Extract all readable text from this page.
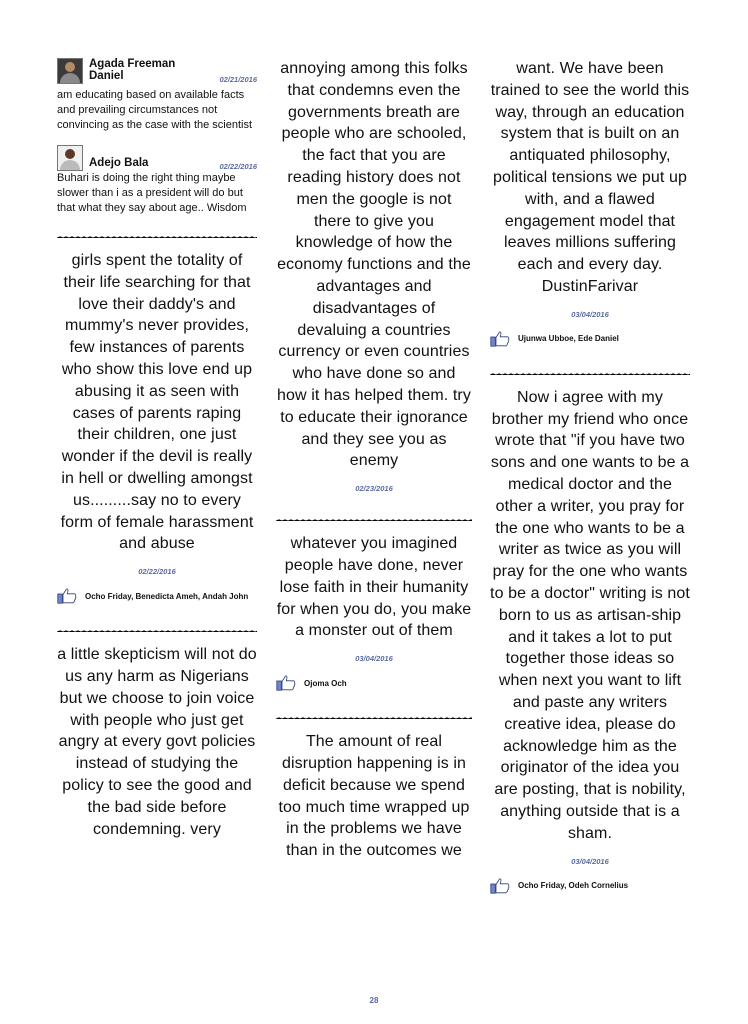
Agada Freeman Daniel	02/21/2016
am educating based on available facts and prevailing circumstances not convincing as the case with the scientist
Adejo Bala	02/22/2016
Buhari is doing the right thing maybe slower than i as a president will do but that what they say about age.. Wisdom
girls spent the totality of their life searching for that love their daddy's and mummy's never provides, few instances of parents who show this love end up abusing it as seen with cases of parents raping their children, one just wonder if the devil is really in hell or dwelling amongst us.........say no to every form of female harassment and abuse
02/22/2016
Ocho Friday, Benedicta Ameh, Andah John
a little skepticism will not do us any harm as Nigerians but we choose to join voice with people who just get angry at every govt policies instead of studying the policy to see the good and the bad side before condemning. very
annoying among this folks that condemns even the governments breath are people who are schooled, the fact that you are reading history does not men the google is not there to give you knowledge of how the economy functions and the advantages and disadvantages of devaluing a countries currency or even countries who have done so and how it has helped them. try to educate their ignorance and they see you as enemy
02/23/2016
whatever you imagined people have done, never lose faith in their humanity for when you do, you make a monster out of them
03/04/2016
Ojoma Och
The amount of real disruption happening is in deficit because we spend too much time wrapped up in the problems we have than in the outcomes we
want. We have been trained to see the world this way, through an education system that is built on an antiquated philosophy, political tensions we put up with, and a flawed engagement model that leaves millions suffering each and every day. DustinFarivar
03/04/2016
Ujunwa Ubboe, Ede Daniel
Now i agree with my brother my friend who once wrote that "if you have two sons and one wants to be a medical doctor and the other a writer, you pray for the one who wants to be a writer as twice as you will pray for the one who wants to be a doctor" writing is not born to us as artisan-ship and it takes a lot to put together those ideas so when next you want to lift and paste any writers creative idea, please do acknowledge him as the originator of the idea you are posting, that is nobility, anything outside that is a sham.
03/04/2016
Ocho Friday, Odeh Cornelius
28
